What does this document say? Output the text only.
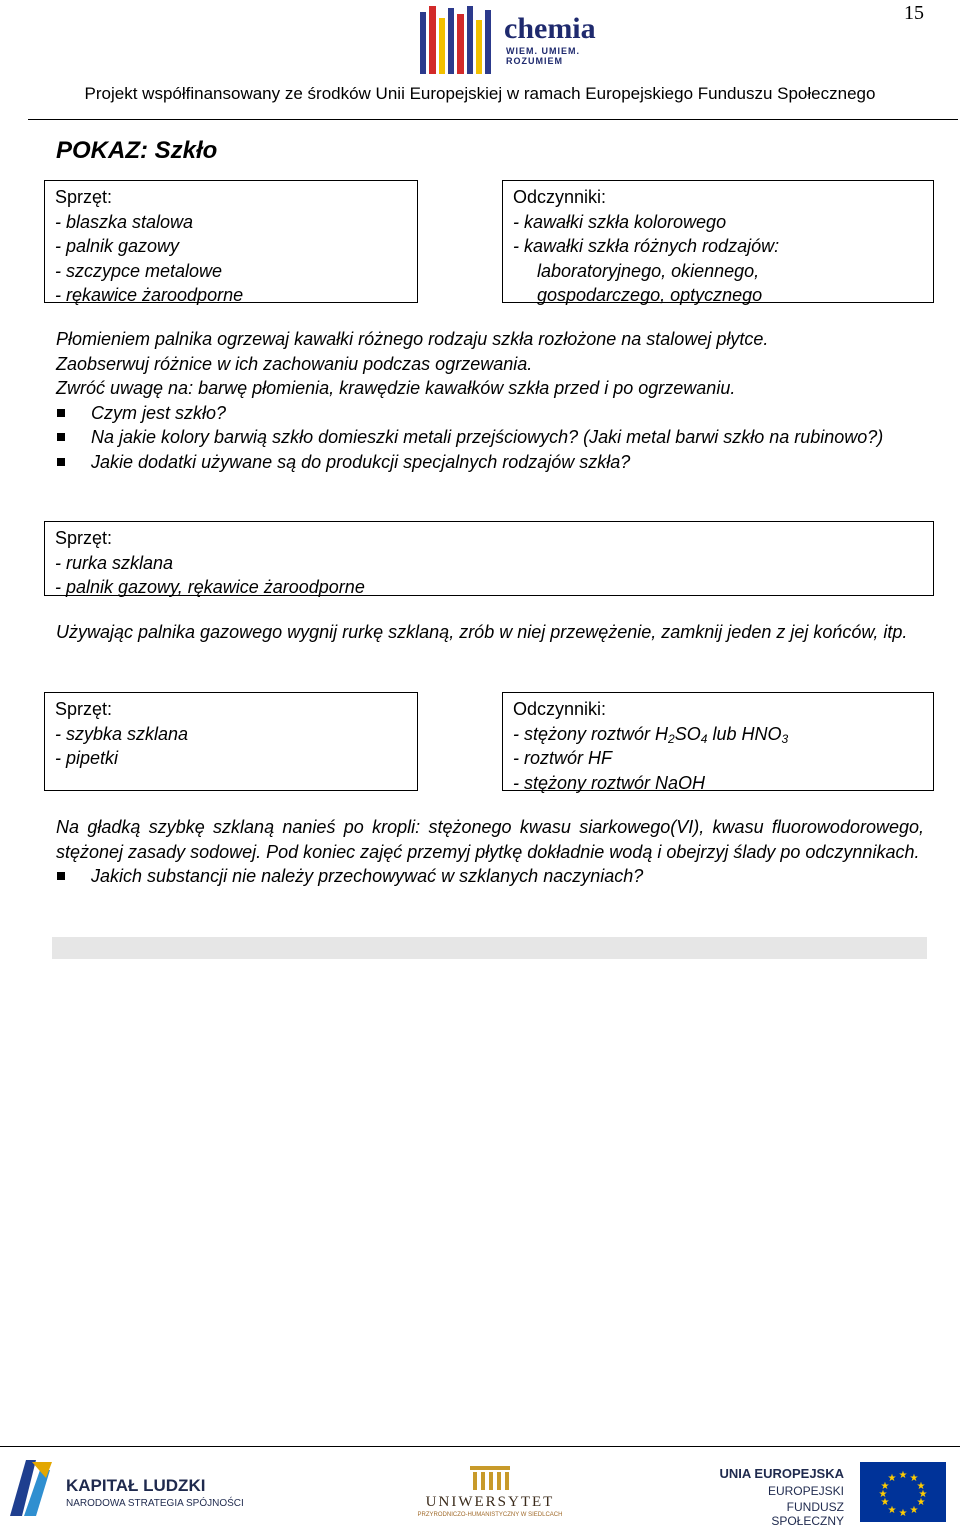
15
chemia
WIEM. UMIEM. ROZUMIEM
Projekt współfinansowany ze środków Unii Europejskiej w ramach Europejskiego Funduszu Społecznego
POKAZ: Szkło
Sprzęt:
- blaszka stalowa
- palnik gazowy
- szczypce metalowe
- rękawice żaroodporne
Odczynniki:
- kawałki szkła kolorowego
- kawałki szkła różnych rodzajów:
laboratoryjnego, okiennego,
gospodarczego, optycznego
Płomieniem palnika ogrzewaj kawałki różnego rodzaju szkła rozłożone na stalowej płytce.
Zaobserwuj różnice w ich zachowaniu podczas ogrzewania.
Zwróć uwagę na: barwę płomienia, krawędzie kawałków szkła przed i po ogrzewaniu.
Czym jest szkło?
Na jakie kolory barwią szkło domieszki metali przejściowych? (Jaki metal barwi szkło na rubinowo?)
Jakie dodatki używane są do produkcji specjalnych rodzajów szkła?
Sprzęt:
- rurka szklana
- palnik gazowy, rękawice żaroodporne
Używając palnika gazowego wygnij rurkę szklaną, zrób w niej przewężenie, zamknij jeden z jej końców, itp.
Sprzęt:
- szybka szklana
- pipetki
Odczynniki:
- stężony roztwór $H_2SO_4$ lub $HNO_3$
- roztwór HF
- stężony roztwór NaOH
Na gładką szybkę szklaną nanieś po kropli: stężonego kwasu siarkowego(VI), kwasu fluorowodorowego, stężonej zasady sodowej. Pod koniec zajęć przemyj płytkę dokładnie wodą i obejrzyj ślady po odczynnikach.
Jakich substancji nie należy przechowywać w szklanych naczyniach?
KAPITAŁ LUDZKI
NARODOWA STRATEGIA SPÓJNOŚCI	UNIWERSYTET
PRZYRODNICZO-HUMANISTYCZNY W SIEDLCACH
UNIA EUROPEJSKA
EUROPEJSKI
FUNDUSZ SPOŁECZNY
★ ★
★
★
★
★
★
★
★
★
★
★
